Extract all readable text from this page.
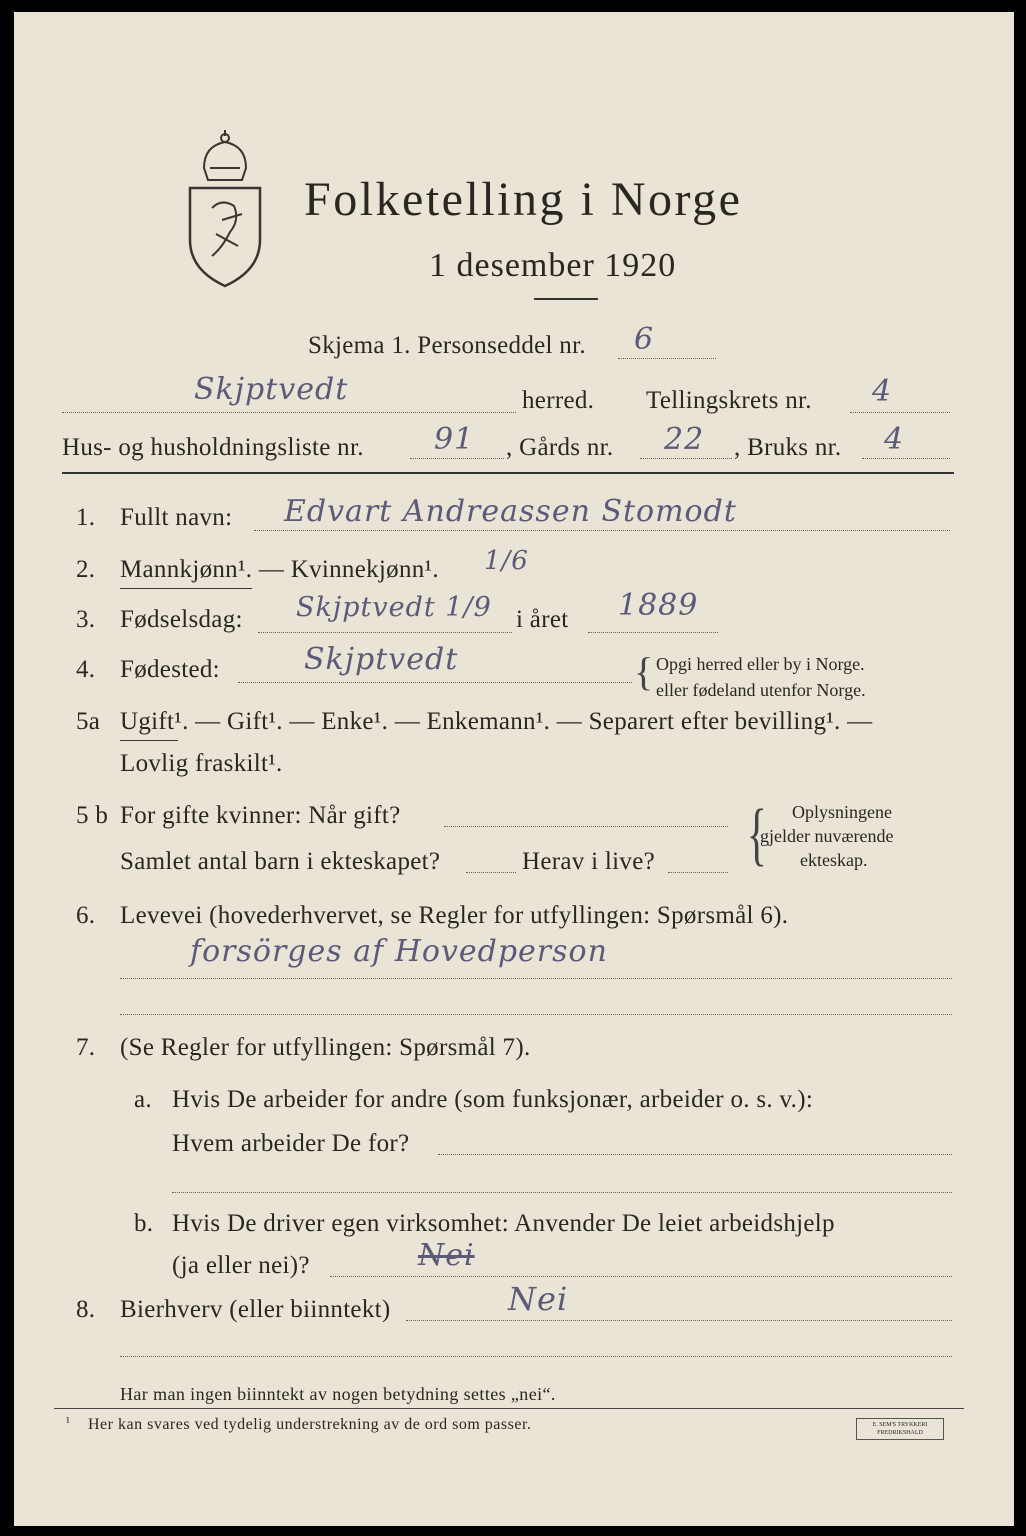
Folketelling i Norge
1 desember 1920
Skjema 1. Personseddel nr. 6
Skjptvedt	herred. Tellingskrets nr. 4
Hus- og husholdningsliste nr. 91 , Gårds nr. 22 , Bruks nr. 4
1. Fullt navn: Edvart Andreassen Stomodt
2. Mannkjønn¹. — Kvinnekjønn¹. 1/6
3. Fødselsdag: Skjptvedt 1/9 i året 1889
4. Fødested:	Skjptvedt	{ Opgi herred eller by i Norge.
eller fødeland utenfor Norge.
5a Ugift¹. — Gift¹. — Enke¹. — Enkemann¹. — Separert efter bevilling¹. —
Lovlig fraskilt¹.
5 b For gifte kvinner: Når gift?
Samlet antal barn i ekteskapet?	Herav i live? { Oplysningene
gjelder nuværende
ekteskap.
6. Levevei (hovederhvervet, se Regler for utfyllingen: Spørsmål 6).
forsörges af Hovedperson
7. (Se Regler for utfyllingen: Spørsmål 7).
a. Hvis De arbeider for andre (som funksjonær, arbeider o. s. v.):
Hvem arbeider De for?
b. Hvis De driver egen virksomhet: Anvender De leiet arbeidshjelp
(ja eller nei)?	Nei
8. Bierhverv (eller biinntekt)	Nei
Har man ingen biinntekt av nogen betydning settes „nei“.
¹ Her kan svares ved tydelig understrekning av de ord som passer.	E. SEM'S TRYKKERI FREDRIKSHALD
